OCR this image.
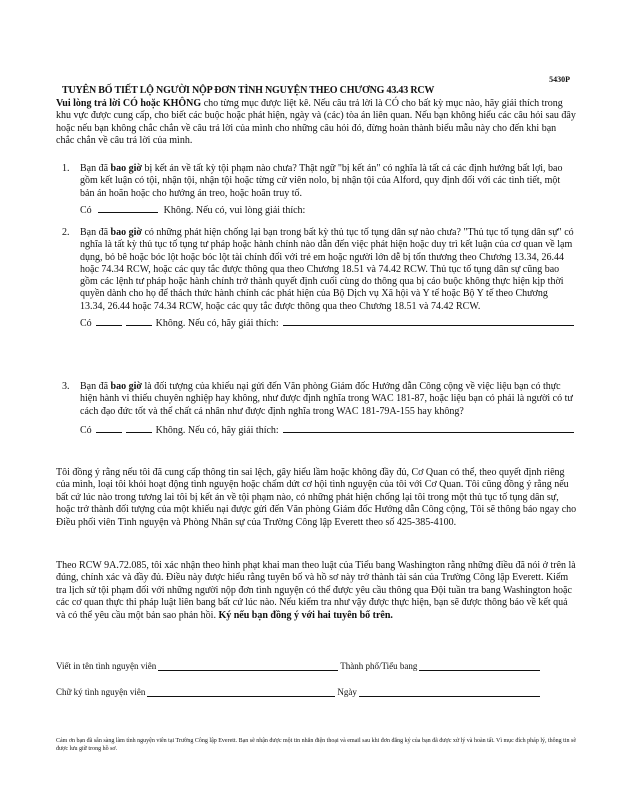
5430P
TUYÊN BỐ TIẾT LỘ NGƯỜI NỘP ĐƠN TÌNH NGUYỆN THEO CHƯƠNG 43.43 RCW
Vui lòng trả lời CÓ hoặc KHÔNG cho từng mục được liệt kê. Nếu câu trả lời là CÓ cho bất kỳ mục nào, hãy giải thích trong khu vực được cung cấp, cho biết các buộc hoặc phát hiện, ngày và (các) tòa án liên quan. Nếu bạn không hiểu các câu hỏi sau đây hoặc nếu bạn không chắc chắn về câu trả lời của mình cho những câu hỏi đó, đừng hoàn thành biểu mẫu này cho đến khi bạn chắc chắn về câu trả lời của mình.
1.	Bạn đã bao giờ bị kết án về tất kỳ tội phạm nào chưa? Thật ngữ "bị kết án" có nghĩa là tất cả các định hướng bất lợi, bao gồm kết luận có tội, nhận tội, nhận tội hoặc từng cử viên nolo, bị nhận tội của Alford, quy định đối với các tình tiết, một bản án hoãn hoặc cho hướng án treo, hoặc hoãn truy tố.
Có	Không. Nếu có, vui lòng giải thích:
2.	Bạn đã bao giờ có những phát hiện chống lại bạn trong bất kỳ thủ tục tố tụng dân sự nào chưa? "Thủ tục tố tụng dân sự" có nghĩa là tất kỳ thủ tục tố tụng tư pháp hoặc hành chính nào dẫn đến việc phát hiện hoặc duy trì kết luận của cơ quan về lạm dụng, bỏ bê hoặc bóc lột hoặc bóc lột tài chính đối với trẻ em hoặc người lớn dễ bị tổn thương theo Chương 13.34, 26.44 hoặc 74.34 RCW, hoặc các quy tắc được thông qua theo Chương 18.51 và 74.42 RCW. Thủ tục tố tụng dân sự cũng bao gồm các lệnh tư pháp hoặc hành chính trở thành quyết định cuối cùng do thông qua bị cáo buộc không thực hiện kịp thời quyền dành cho họ để thách thức hành chính các phát hiện của Bộ Dịch vụ Xã hội và Y tế hoặc Bộ Y tế theo Chương 13.34, 26.44 hoặc 74.34 RCW, hoặc các quy tắc được thông qua theo Chương 18.51 và 74.42 RCW.
Có	Không. Nếu có, hãy giải thích:
3.	Bạn đã bao giờ là đối tượng của khiếu nại gửi đến Văn phòng Giám đốc Hướng dẫn Công cộng về việc liệu bạn có thực hiện hành vi thiếu chuyên nghiệp hay không, như được định nghĩa trong WAC 181-87, hoặc liệu bạn có phải là người có tư cách đạo đức tốt và thể chất cá nhân như được định nghĩa trong WAC 181-79A-155 hay không?
Có	Không. Nếu có, hãy giải thích:
Tôi đồng ý rằng nếu tôi đã cung cấp thông tin sai lệch, gây hiểu lầm hoặc không đầy đủ, Cơ Quan có thể, theo quyết định riêng của mình, loại tôi khỏi hoạt động tình nguyện hoặc chấm dứt cơ hội tình nguyện của tôi với Cơ Quan. Tôi cũng đồng ý rằng nếu bất cứ lúc nào trong tương lai tôi bị kết án về tội phạm nào, có những phát hiện chống lại tôi trong một thủ tục tố tụng dân sự, hoặc trở thành đối tượng của một khiếu nại được gửi đến Văn phòng Giám đốc Hướng dẫn Công cộng, Tôi sẽ thông báo ngay cho Điều phối viên Tình nguyện và Phòng Nhân sự của Trường Công lập Everett theo số 425-385-4100.
Theo RCW 9A.72.085, tôi xác nhận theo hình phạt khai man theo luật của Tiểu bang Washington rằng những điều đã nói ở trên là đúng, chính xác và đầy đủ. Điều này được hiểu rằng tuyên bố và hồ sơ này trở thành tài sản của Trường Công lập Everett. Kiểm tra lịch sử tội phạm đối với những người nộp đơn tình nguyện có thể được yêu cầu thông qua Đội tuần tra bang Washington hoặc các cơ quan thực thi pháp luật liên bang bất cứ lúc nào. Nếu kiểm tra như vậy được thực hiện, bạn sẽ được thông báo về kết quả và có thể yêu cầu một bản sao phản hồi. Ký nếu bạn đồng ý với hai tuyên bố trên.
Viết in tên tình nguyện viên	Thành phố/Tiểu bang
Chữ ký tình nguyện viên	Ngày
Cảm ơn bạn đã sẵn sàng làm tình nguyện viên tại Trường Công lập Everett. Bạn sẽ nhận được một tin nhắn điện thoại và email sau khi đơn đăng ký của bạn đã được xử lý và hoàn tất. Vì mục đích pháp lý, thông tin sẽ được lưu giữ trong hồ sơ.
